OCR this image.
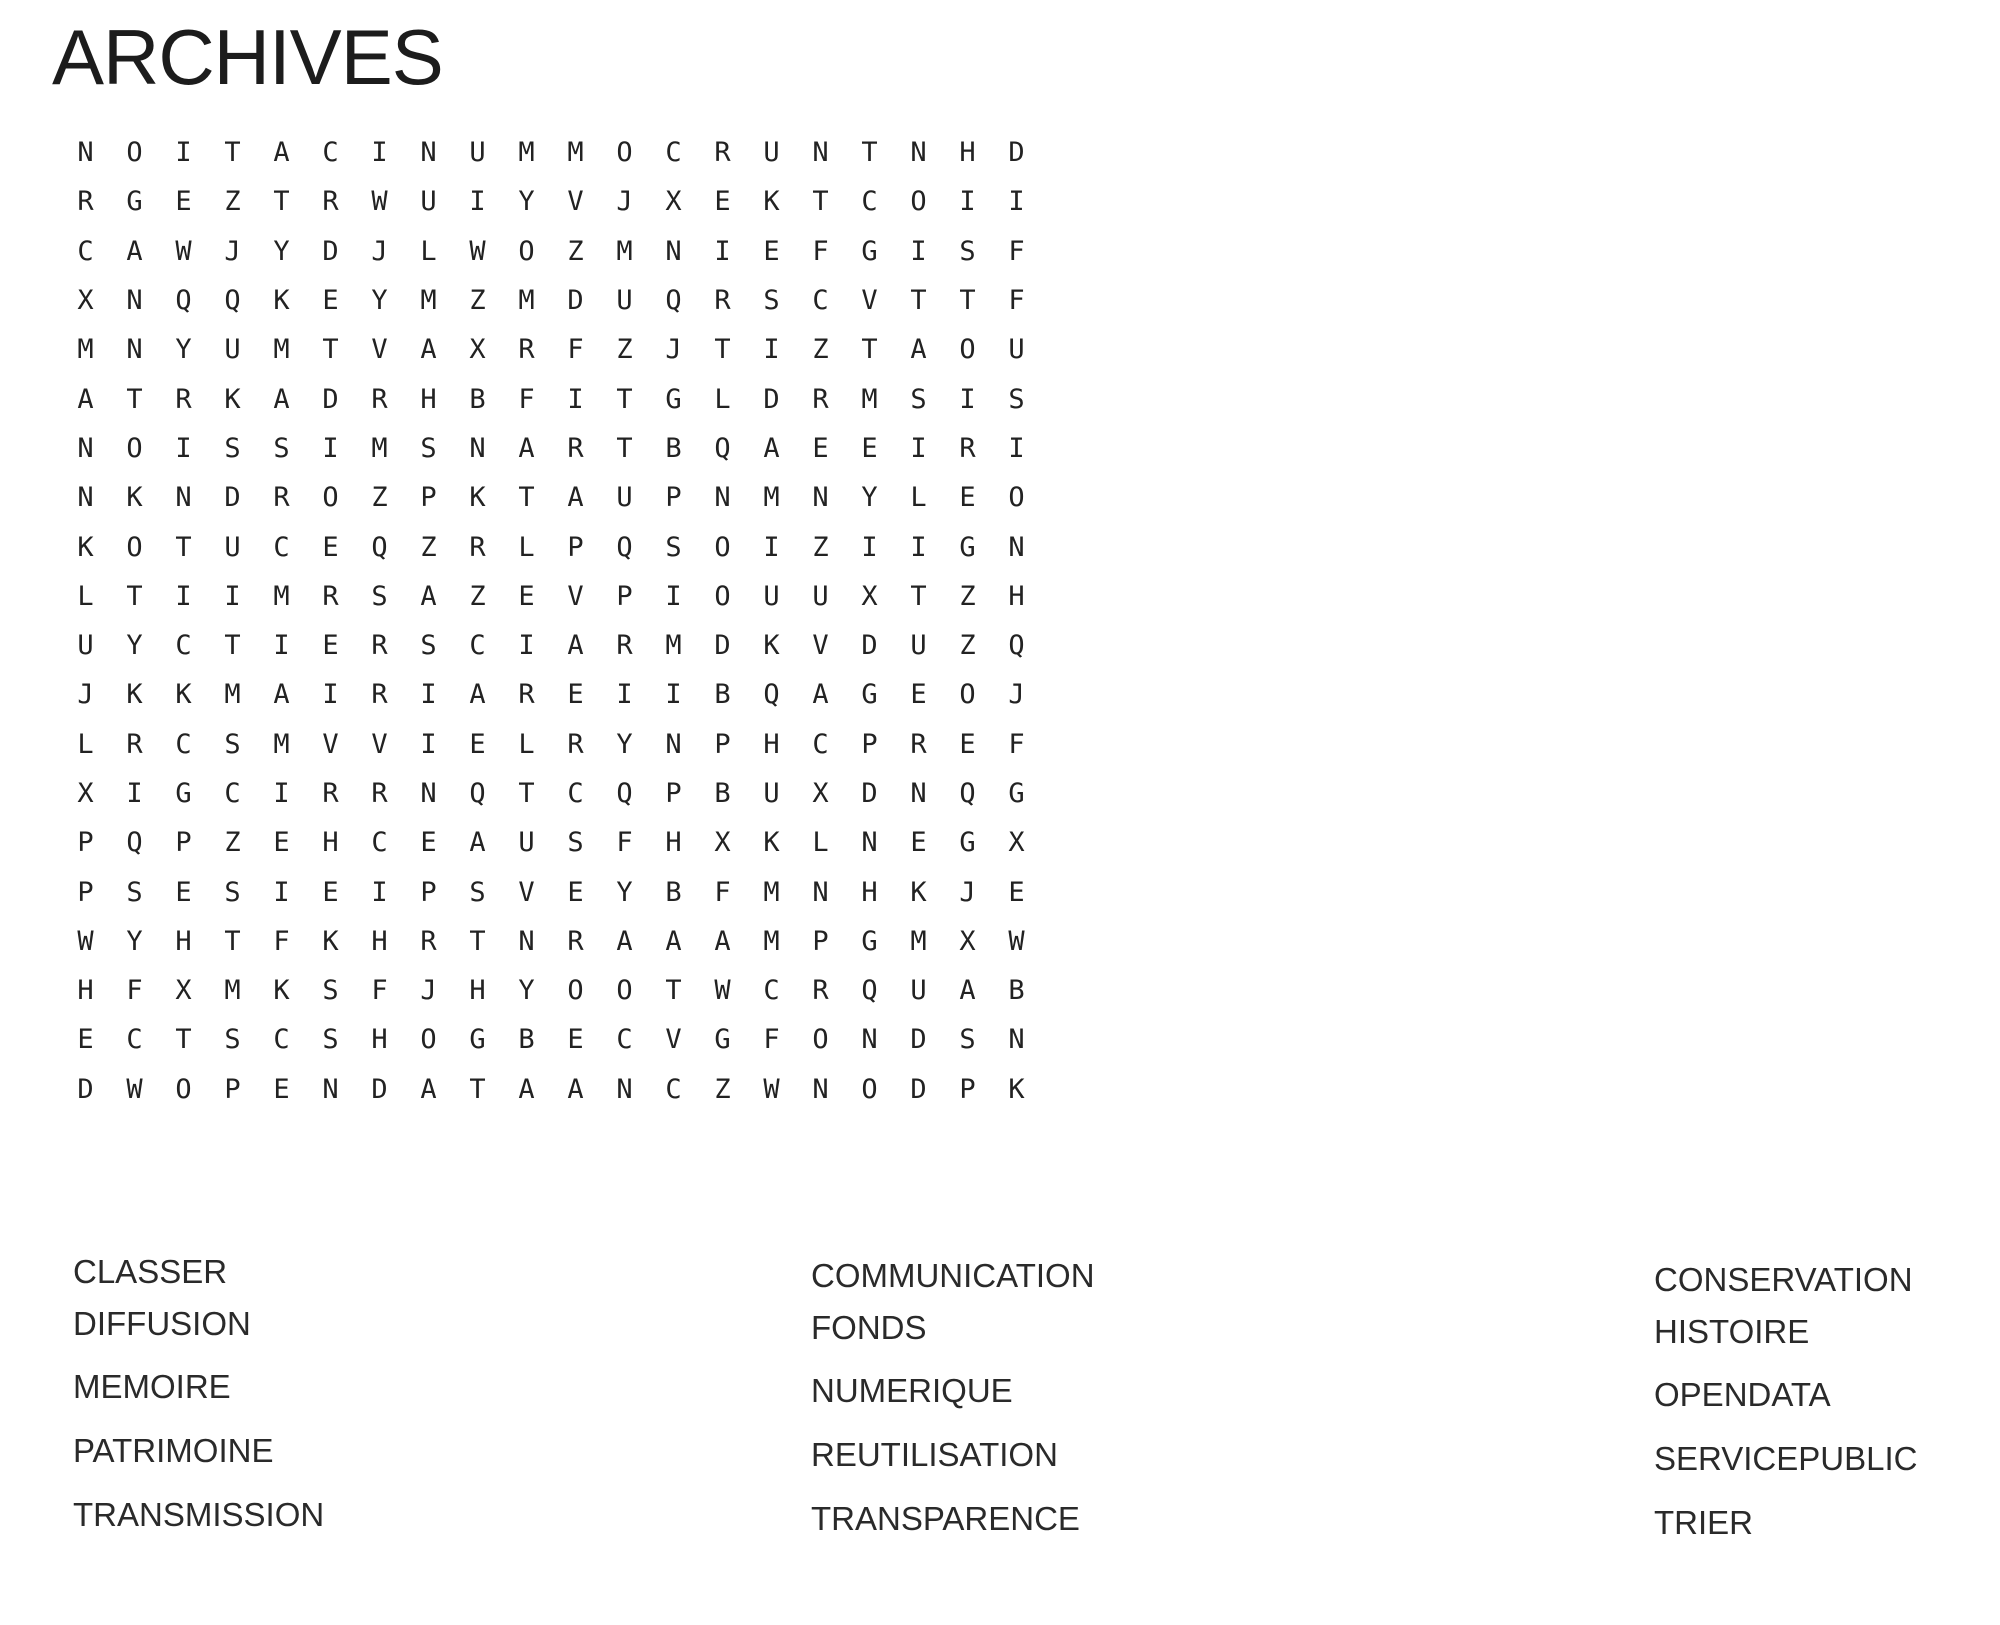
ARCHIVES
N	O	I	T	A	C	I	N	U	M	M	O	C	R	U	N	T	N	H	D
R	G	E	Z	T	R	W	U	I	Y	V	J	X	E	K	T	C	O	I	I
C	A	W	J	Y	D	J	L	W	O	Z	M	N	I	E	F	G	I	S	F
X	N	Q	Q	K	E	Y	M	Z	M	D	U	Q	R	S	C	V	T	T	F
M	N	Y	U	M	T	V	A	X	R	F	Z	J	T	I	Z	T	A	O	U
A	T	R	K	A	D	R	H	B	F	I	T	G	L	D	R	M	S	I	S
N	O	I	S	S	I	M	S	N	A	R	T	B	Q	A	E	E	I	R	I
N	K	N	D	R	O	Z	P	K	T	A	U	P	N	M	N	Y	L	E	O
K	O	T	U	C	E	Q	Z	R	L	P	Q	S	O	I	Z	I	I	G	N
L	T	I	I	M	R	S	A	Z	E	V	P	I	O	U	U	X	T	Z	H
U	Y	C	T	I	E	R	S	C	I	A	R	M	D	K	V	D	U	Z	Q
J	K	K	M	A	I	R	I	A	R	E	I	I	B	Q	A	G	E	O	J
L	R	C	S	M	V	V	I	E	L	R	Y	N	P	H	C	P	R	E	F
X	I	G	C	I	R	R	N	Q	T	C	Q	P	B	U	X	D	N	Q	G
P	Q	P	Z	E	H	C	E	A	U	S	F	H	X	K	L	N	E	G	X
P	S	E	S	I	E	I	P	S	V	E	Y	B	F	M	N	H	K	J	E
W	Y	H	T	F	K	H	R	T	N	R	A	A	A	M	P	G	M	X	W
H	F	X	M	K	S	F	J	H	Y	O	O	T	W	C	R	Q	U	A	B
E	C	T	S	C	S	H	O	G	B	E	C	V	G	F	O	N	D	S	N
D	W	O	P	E	N	D	A	T	A	A	N	C	Z	W	N	O	D	P	K
CLASSER
DIFFUSION
MEMOIRE
PATRIMOINE
TRANSMISSION
COMMUNICATION
FONDS
NUMERIQUE
REUTILISATION
TRANSPARENCE
CONSERVATION
HISTOIRE
OPENDATA
SERVICEPUBLIC
TRIER
